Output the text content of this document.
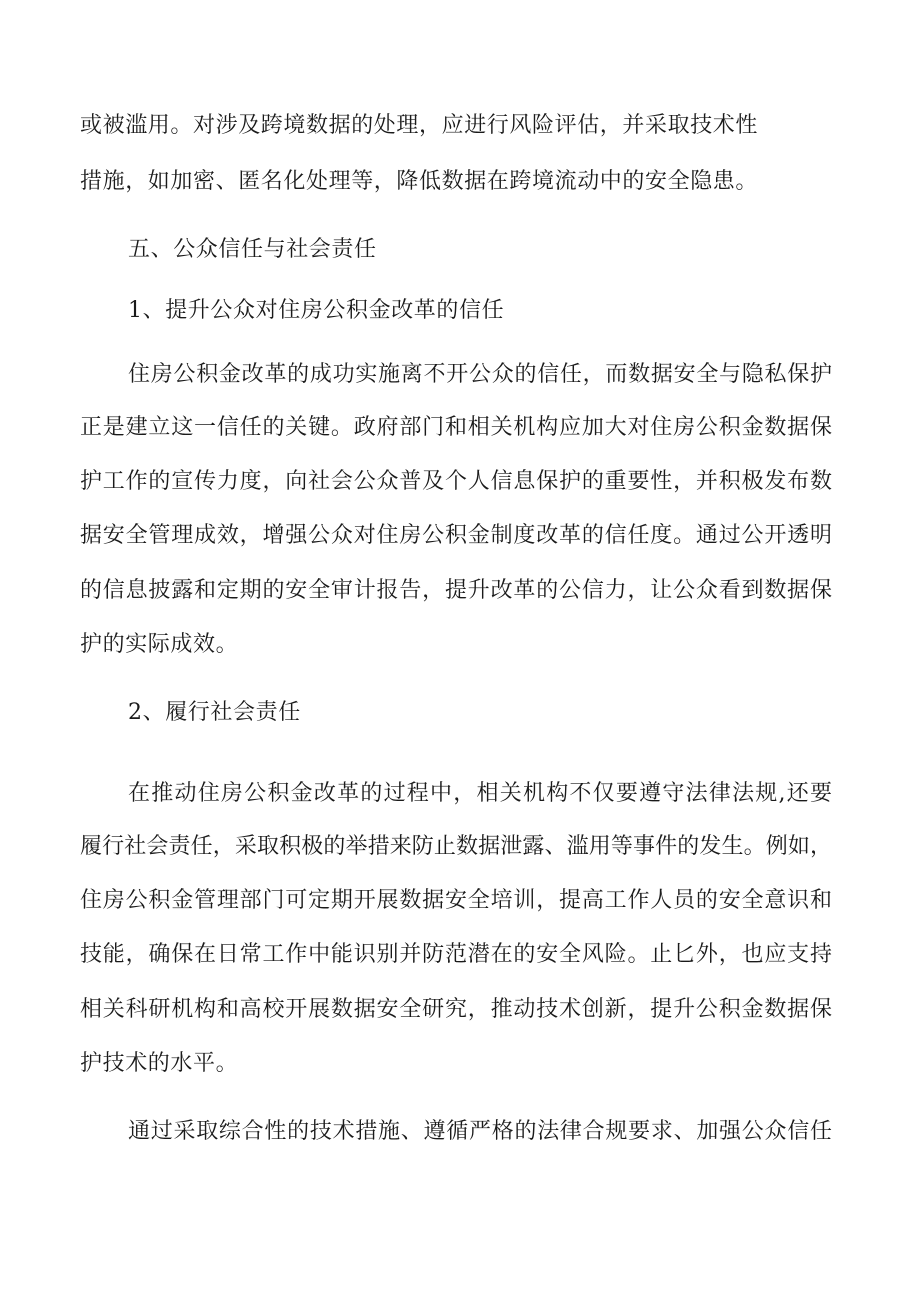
或被滥用。对涉及跨境数据的处理，应进行风险评估，并采取技术性
措施，如加密、匿名化处理等，降低数据在跨境流动中的安全隐患。
五、公众信任与社会责任
1、提升公众对住房公积金改革的信任
住房公积金改革的成功实施离不开公众的信任，而数据安全与隐私保护
正是建立这一信任的关键。政府部门和相关机构应加大对住房公积金数据保
护工作的宣传力度，向社会公众普及个人信息保护的重要性，并积极发布数
据安全管理成效，增强公众对住房公积金制度改革的信任度。通过公开透明
的信息披露和定期的安全审计报告，提升改革的公信力，让公众看到数据保
护的实际成效。
2、履行社会责任
在推动住房公积金改革的过程中，相关机构不仅要遵守法律法规,还要
履行社会责任，采取积极的举措来防止数据泄露、滥用等事件的发生。例如，
住房公积金管理部门可定期开展数据安全培训，提高工作人员的安全意识和
技能，确保在日常工作中能识别并防范潜在的安全风险。止匕外，也应支持
相关科研机构和高校开展数据安全研究，推动技术创新，提升公积金数据保
护技术的水平。
通过采取综合性的技术措施、遵循严格的法律合规要求、加强公众信任
